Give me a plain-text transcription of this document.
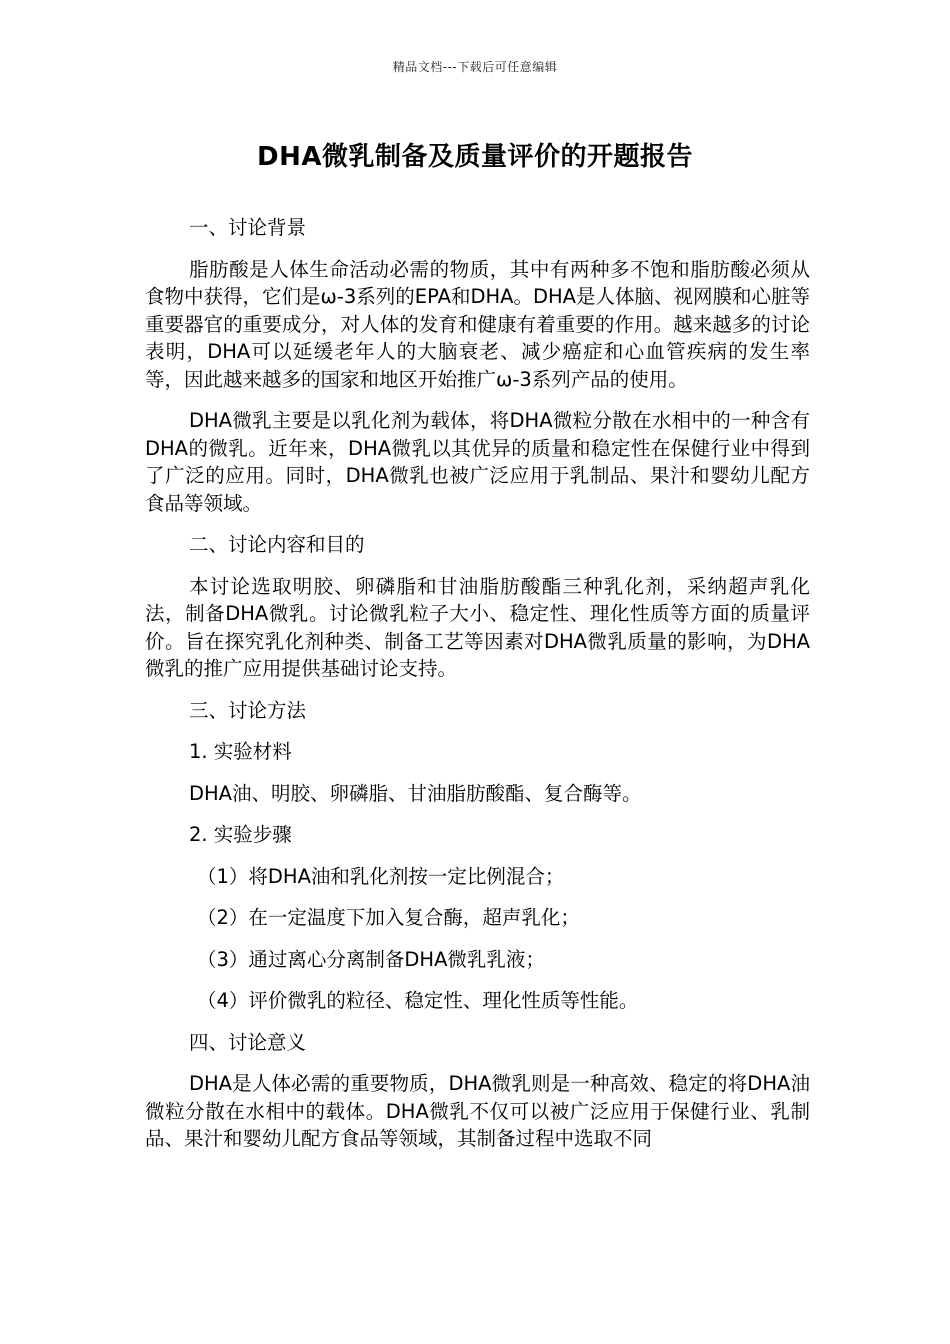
精品文档---下载后可任意编辑
DHA微乳制备及质量评价的开题报告

一、讨论背景

脂肪酸是人体生命活动必需的物质，其中有两种多不饱和脂肪酸必须从食物中获得，它们是ω-3系列的EPA和DHA。DHA是人体脑、视网膜和心脏等重要器官的重要成分，对人体的发育和健康有着重要的作用。越来越多的讨论表明，DHA可以延缓老年人的大脑衰老、减少癌症和心血管疾病的发生率等，因此越来越多的国家和地区开始推广ω-3系列产品的使用。

DHA微乳主要是以乳化剂为载体，将DHA微粒分散在水相中的一种含有DHA的微乳。近年来，DHA微乳以其优异的质量和稳定性在保健行业中得到了广泛的应用。同时，DHA微乳也被广泛应用于乳制品、果汁和婴幼儿配方食品等领域。

二、讨论内容和目的

本讨论选取明胶、卵磷脂和甘油脂肪酸酯三种乳化剂，采纳超声乳化法，制备DHA微乳。讨论微乳粒子大小、稳定性、理化性质等方面的质量评价。旨在探究乳化剂种类、制备工艺等因素对DHA微乳质量的影响，为DHA微乳的推广应用提供基础讨论支持。

三、讨论方法

1. 实验材料

DHA油、明胶、卵磷脂、甘油脂肪酸酯、复合酶等。

2. 实验步骤

（1）将DHA油和乳化剂按一定比例混合；

（2）在一定温度下加入复合酶，超声乳化；

（3）通过离心分离制备DHA微乳乳液；

（4）评价微乳的粒径、稳定性、理化性质等性能。

四、讨论意义

DHA是人体必需的重要物质，DHA微乳则是一种高效、稳定的将DHA油微粒分散在水相中的载体。DHA微乳不仅可以被广泛应用于保健行业、乳制品、果汁和婴幼儿配方食品等领域，其制备过程中选取不同
